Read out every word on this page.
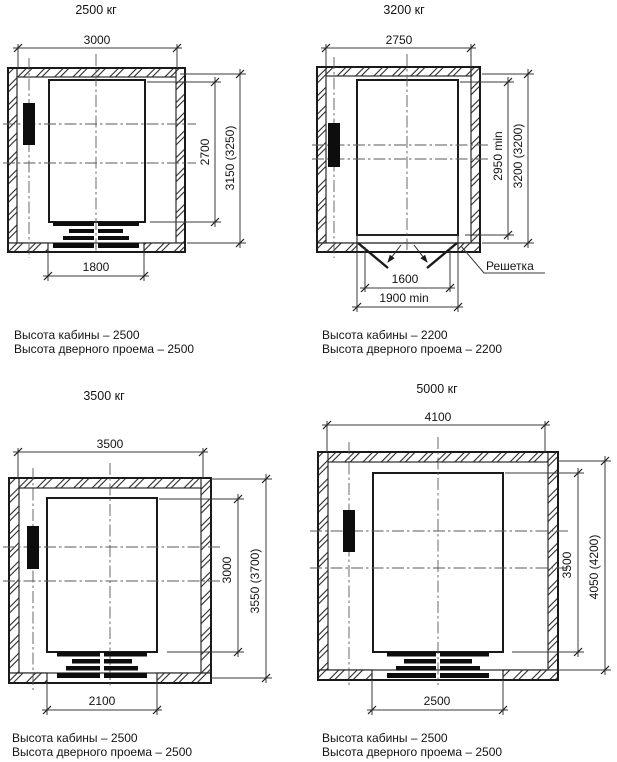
2500 кг
3000
2700 3150 (3250)
1800
Высота кабины – 2500
Высота дверного проема – 2500
3200 кг
Решетка
2750
2950 min 3200 (3200)
1600
1900 min
Высота кабины – 2200
Высота дверного проема – 2200
3500 кг
3500
3000 3550 (3700)
2100
Высота кабины – 2500
Высота дверного проема – 2500
5000 кг
4100
3500 4050 (4200)
2500
Высота кабины – 2500
Высота дверного проема – 2500
